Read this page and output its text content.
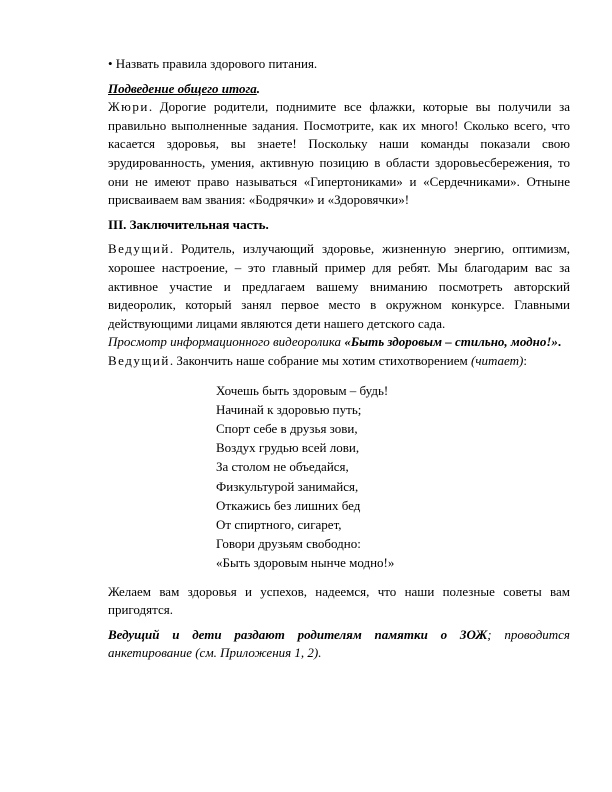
• Назвать правила здорового питания.

Подведение общего итога.

Жюри. Дорогие родители, поднимите все флажки, которые вы получили за правильно выполненные задания. Посмотрите, как их много! Сколько всего, что касается здоровья, вы знаете! Поскольку наши команды показали свою эрудированность, умения, активную позицию в области здоровьесбережения, то они не имеют право называться «Гипертониками» и «Сердечниками». Отныне присваиваем вам звания: «Бодрячки» и «Здоровячки»!

III. Заключительная часть.

Ведущий. Родитель, излучающий здоровье, жизненную энергию, оптимизм, хорошее настроение, – это главный пример для ребят. Мы благодарим вас за активное участие и предлагаем вашему вниманию посмотреть авторский видеоролик, который занял первое место в окружном конкурсе. Главными действующими лицами являются дети нашего детского сада.

Просмотр информационного видеоролика «Быть здоровым – стильно, модно!».

Ведущий. Закончить наше собрание мы хотим стихотворением (читает):

Хочешь быть здоровым – будь!
Начинай к здоровью путь;
Спорт себе в друзья зови,
Воздух грудью всей лови,
За столом не объедайся,
Физкультурой занимайся,
Откажись без лишних бед
От спиртного, сигарет,
Говори друзьям свободно:
«Быть здоровым нынче модно!»

Желаем вам здоровья и успехов, надеемся, что наши полезные советы вам пригодятся.

Ведущий и дети раздают родителям памятки о ЗОЖ; проводится анкетирование (см. Приложения 1, 2).
